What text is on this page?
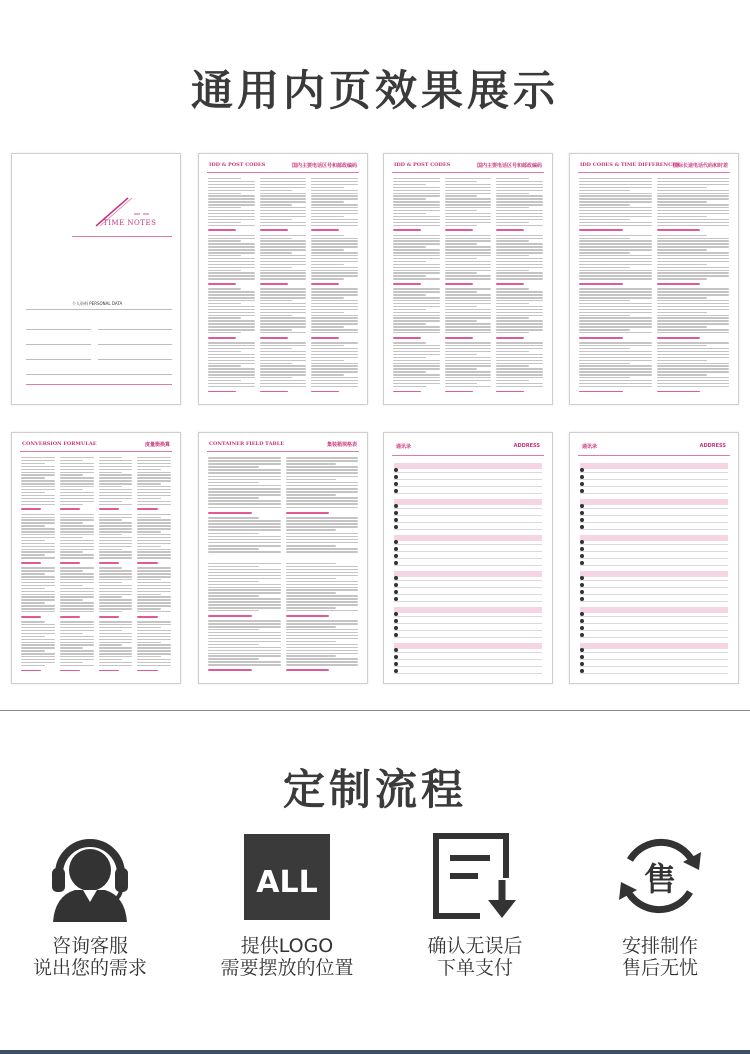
通用内页效果展示
TIME NOTES
个人资料 PERSONAL DATA
IDD & POST CODES	国内主要电话区号和邮政编码	IDD & POST CODES	国内主要电话区号和邮政编码	IDD CODES & TIME DIFFERENCES
国际长途电话代码和时差
CONVERSION FORMULAE	度量衡换算	CONTAINER FIELD TABLE	集装箱规格表	通讯录	ADDRESS	通讯录	ADDRESS
定制流程
咨询客服
说出您的需求
ALL
提供LOGO
需要摆放的位置
确认无误后
下单支付
售
安排制作
售后无忧
